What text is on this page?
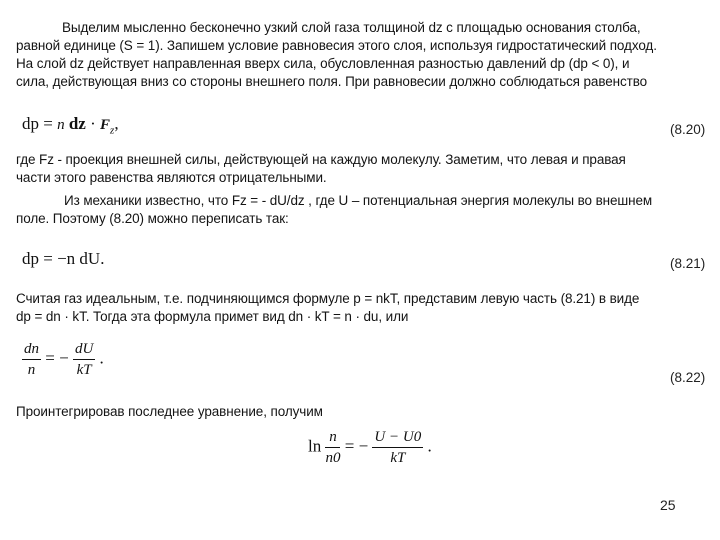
Выделим мысленно бесконечно узкий слой газа толщиной dz с площадью основания столба,
равной единице (S = 1). Запишем условие равновесия этого слоя, используя гидростатический подход.
На слой dz действует направленная вверх сила, обусловленная разностью давлений dp (dp < 0), и
сила, действующая вниз со стороны внешнего поля. При равновесии должно соблюдаться равенство
dp = n dz · $F_z$,	(8.20)
где Fz - проекция внешней силы, действующей на каждую молекулу. Заметим, что левая и правая
части этого равенства являются отрицательными.
Из механики известно, что Fz = - dU/dz , где U – потенциальная энергия молекулы во внешнем
поле. Поэтому (8.20) можно переписать так:
dp = −n dU.	(8.21)
Считая газ идеальным, т.е. подчиняющимся формуле p = nkT, представим левую часть (8.21) в виде
dp = dn · kT. Тогда эта формула примет вид dn · kT = n · du, или
$\frac{dn}{n}$ = − $\frac{dU}{kT}$ .
(8.22)
Проинтегрировав последнее уравнение, получим
$\ln \frac{n}{n0}$ = − $\frac{U - U0}{kT}$ .
25
